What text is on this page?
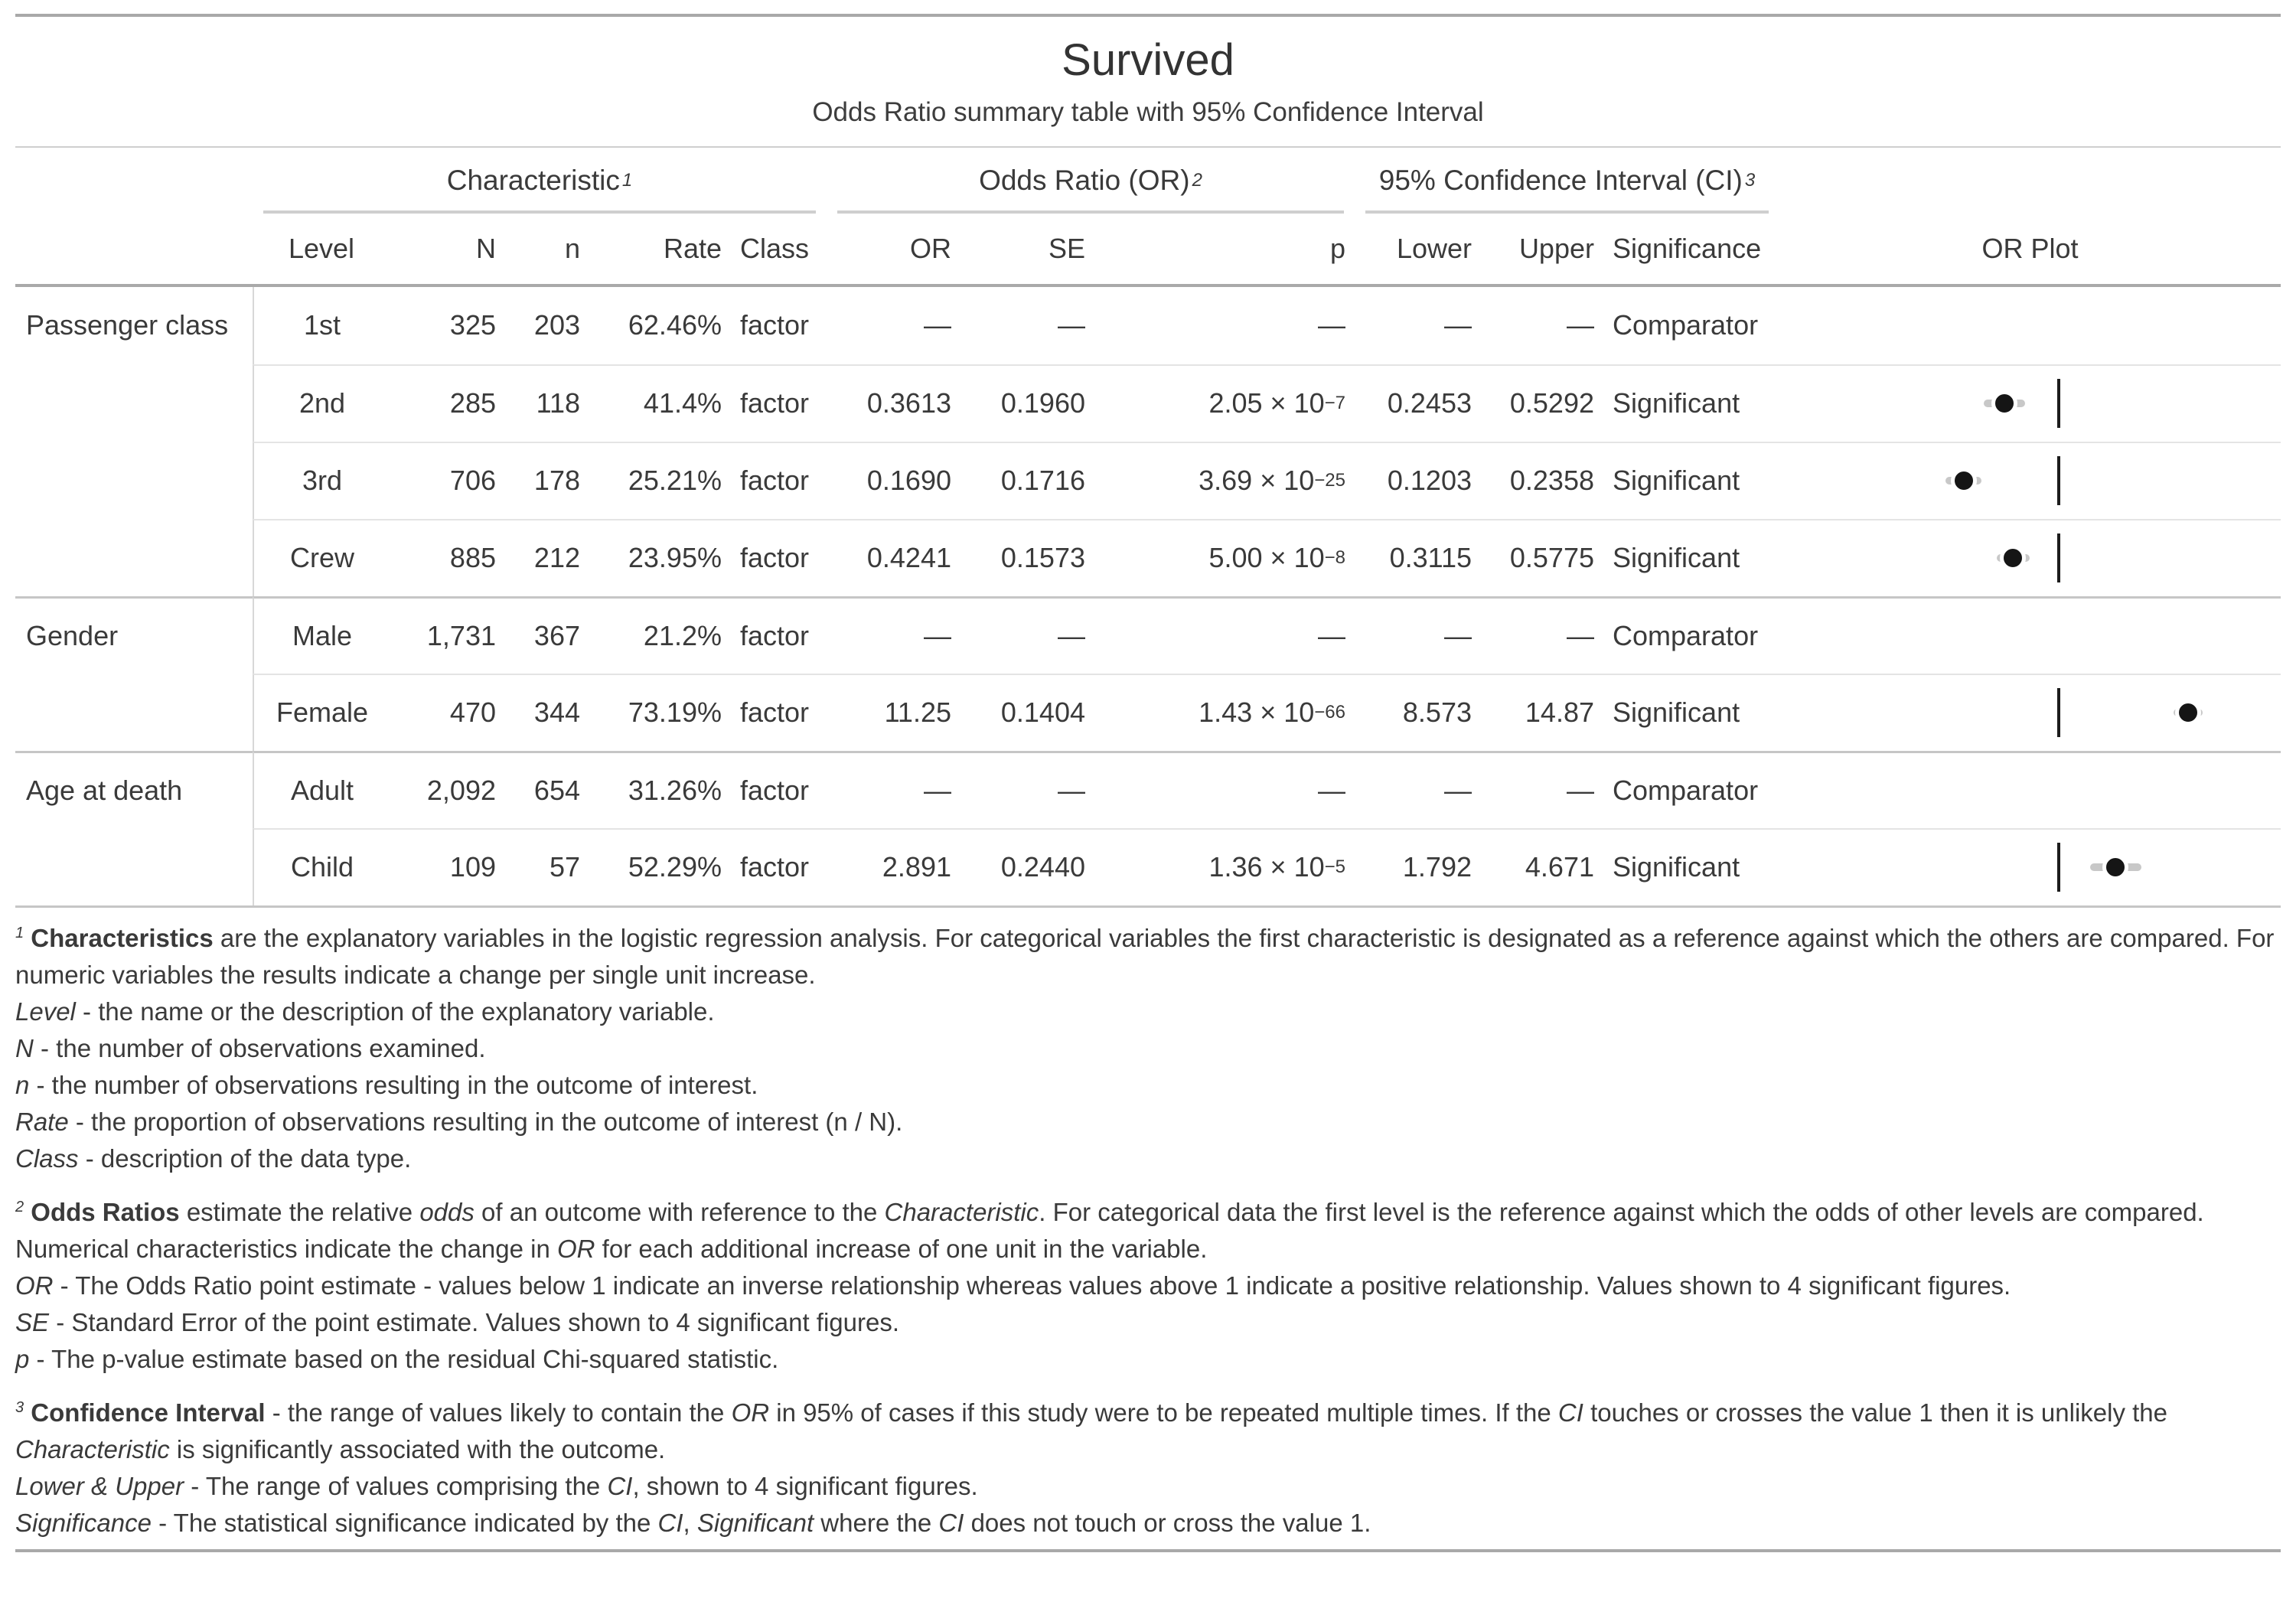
Survived
Odds Ratio summary table with 95% Confidence Interval
Characteristic 1	Odds Ratio (OR) 2	95% Confidence Interval (CI) 3
Level	N	n	Rate Class	OR	SE	p	Lower	Upper Significance	OR Plot
Passenger class	1st	325	203	62.46% factor	—	—	—	—	— Comparator
2nd	285	118	41.4% factor	0.3613	0.1960	2.05 × 10 −7	0.2453	0.5292 Significant
3rd	706	178	25.21% factor	0.1690	0.1716	3.69 × 10 −25	0.1203	0.2358 Significant
Crew	885	212	23.95% factor	0.4241	0.1573	5.00 × 10 −8	0.3115	0.5775 Significant
Gender	Male	1,731	367	21.2% factor	—	—	—	—	— Comparator
Female	470	344	73.19% factor	11.25	0.1404	1.43 × 10 −66	8.573	14.87 Significant
Age at death	Adult	2,092	654	31.26% factor	—	—	—	—	— Comparator
Child	109	57	52.29% factor	2.891	0.2440	1.36 × 10 −5	1.792	4.671 Significant

$^1$ Characteristics are the explanatory variables in the logistic regression analysis. For categorical variables the first characteristic is designated as a reference against which the others are compared. For numeric variables the results indicate a change per single unit increase.

Level - the name or the description of the explanatory variable.

N - the number of observations examined.

n - the number of observations resulting in the outcome of interest.

Rate - the proportion of observations resulting in the outcome of interest (n / N).

Class - description of the data type.

$^2$ Odds Ratios estimate the relative odds of an outcome with reference to the Characteristic. For categorical data the first level is the reference against which the odds of other levels are compared. Numerical characteristics indicate the change in OR for each additional increase of one unit in the variable.

OR - The Odds Ratio point estimate - values below 1 indicate an inverse relationship whereas values above 1 indicate a positive relationship. Values shown to 4 significant figures.

SE - Standard Error of the point estimate. Values shown to 4 significant figures.

p - The p-value estimate based on the residual Chi-squared statistic.

$^3$ Confidence Interval - the range of values likely to contain the OR in 95% of cases if this study were to be repeated multiple times. If the CI touches or crosses the value 1 then it is unlikely the Characteristic is significantly associated with the outcome.

Lower & Upper - The range of values comprising the CI, shown to 4 significant figures.

Significance - The statistical significance indicated by the CI, Significant where the CI does not touch or cross the value 1.
